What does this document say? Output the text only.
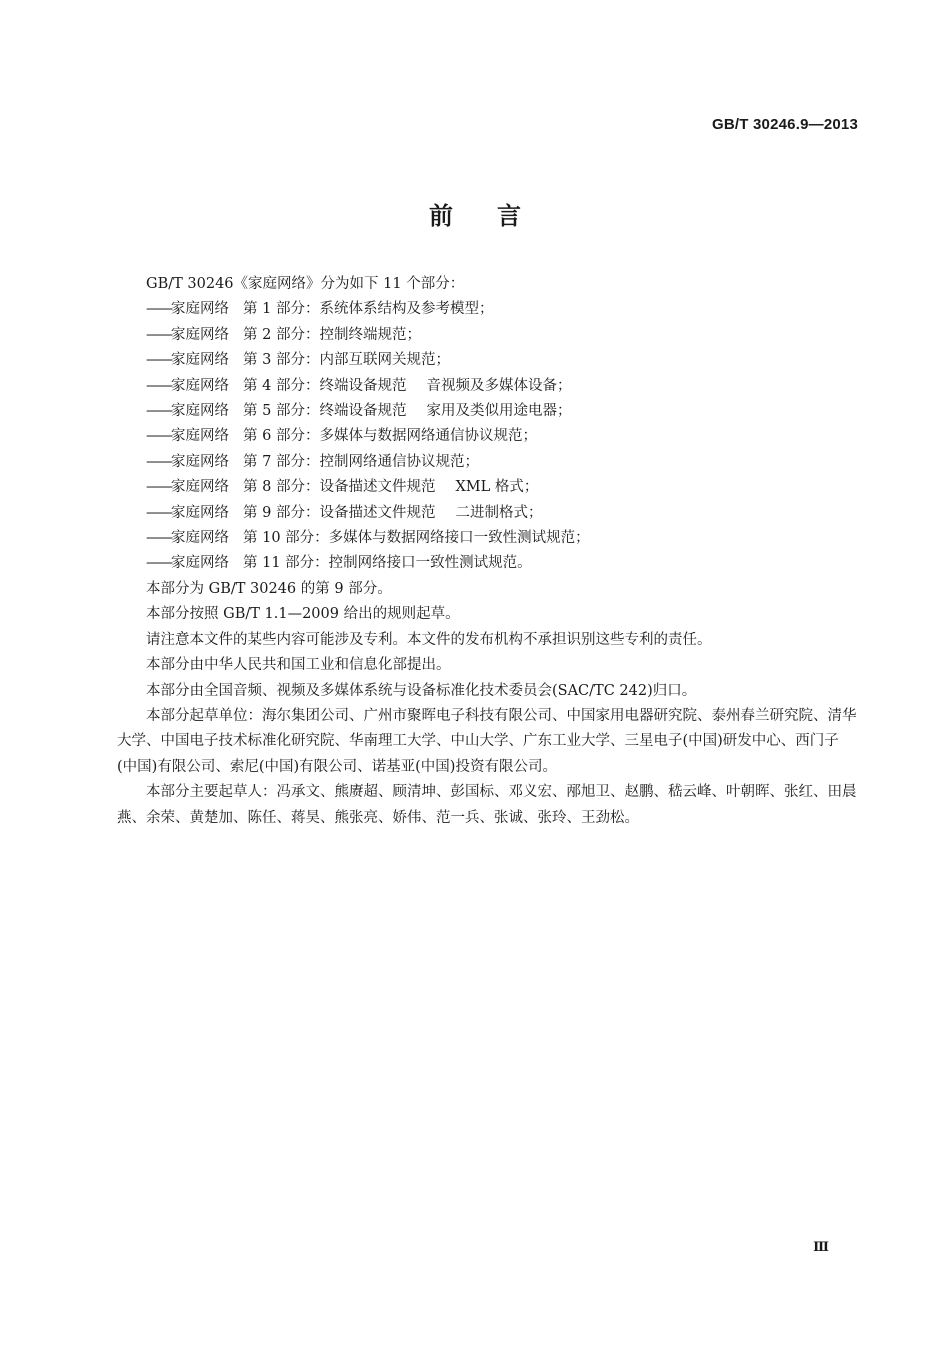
GB/T 30246.9—2013
前 言

GB/T 30246《家庭网络》分为如下 11 个部分：

——家庭网络 第 1 部分：系统体系结构及参考模型；
——家庭网络 第 2 部分：控制终端规范；
——家庭网络 第 3 部分：内部互联网关规范；
——家庭网络 第 4 部分：终端设备规范 音视频及多媒体设备；
——家庭网络 第 5 部分：终端设备规范 家用及类似用途电器；
——家庭网络 第 6 部分：多媒体与数据网络通信协议规范；
——家庭网络 第 7 部分：控制网络通信协议规范；
——家庭网络 第 8 部分：设备描述文件规范 XML 格式；
——家庭网络 第 9 部分：设备描述文件规范 二进制格式；
——家庭网络 第 10 部分：多媒体与数据网络接口一致性测试规范；
——家庭网络 第 11 部分：控制网络接口一致性测试规范。

本部分为 GB/T 30246 的第 9 部分。

本部分按照 GB/T 1.1—2009 给出的规则起草。

请注意本文件的某些内容可能涉及专利。本文件的发布机构不承担识别这些专利的责任。

本部分由中华人民共和国工业和信息化部提出。

本部分由全国音频、视频及多媒体系统与设备标准化技术委员会(SAC/TC 242)归口。

本部分起草单位：海尔集团公司、广州市聚晖电子科技有限公司、中国家用电器研究院、泰州春兰研究院、清华大学、中国电子技术标准化研究院、华南理工大学、中山大学、广东工业大学、三星电子(中国)研发中心、西门子(中国)有限公司、索尼(中国)有限公司、诺基亚(中国)投资有限公司。

本部分主要起草人：冯承文、熊赓超、顾清坤、彭国标、邓义宏、邴旭卫、赵鹏、嵇云峰、叶朝晖、张红、田晨燕、余荣、黄楚加、陈任、蒋昊、熊张亮、娇伟、范一兵、张诚、张玲、王劲松。

Ⅲ
